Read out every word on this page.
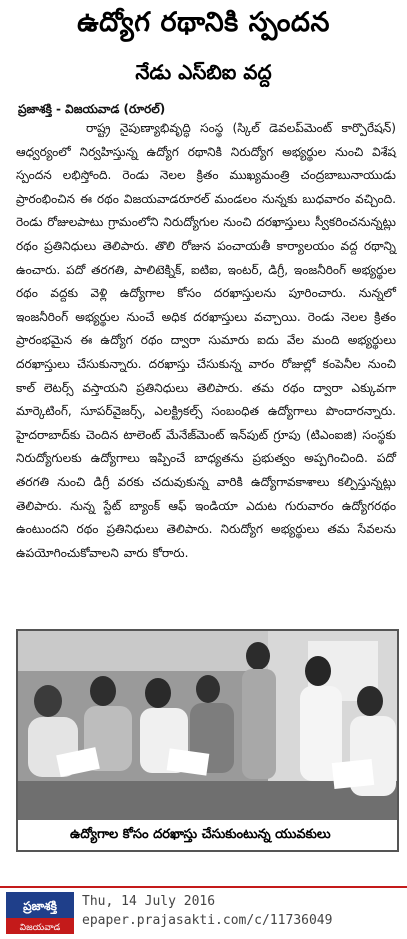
ఉద్యోగ రథానికి స్పందన
నేడు ఎస్‌బిఐ వద్ద
ప్రజాశక్తి - విజయవాడ (రూరల్)
రాష్ట్ర నైపుణ్యాభివృద్ధి సంస్థ (స్కిల్ డెవలప్‌మెంట్ కార్పొరేషన్) ఆధ్వర్యంలో నిర్వహిస్తున్న ఉద్యోగ రథానికి నిరుద్యోగ అభ్యర్థుల నుంచి విశేష స్పందన లభిస్తోంది. రెండు నెలల క్రితం ముఖ్యమంత్రి చంద్రబాబునాయుడు ప్రారంభించిన ఈ రథం విజయవాడరూరల్ మండలం నున్నకు బుధవారం వచ్చింది. రెండు రోజులపాటు గ్రామంలోని నిరుద్యోగుల నుంచి దరఖాస్తులు స్వీకరించనున్నట్లు రథం ప్రతినిధులు తెలిపారు. తొలి రోజున పంచాయతీ కార్యాలయం వద్ద రథాన్ని ఉంచారు. పదో తరగతి, పాలిటెక్నిక్, ఐటిఐ, ఇంటర్, డిగ్రీ, ఇంజనీరింగ్ అభ్యర్థుల రథం వద్దకు వెళ్లి ఉద్యోగాల కోసం దరఖాస్తులను పూరించారు. నున్నలో ఇంజనీరింగ్ అభ్యర్థుల నుంచే అధిక దరఖాస్తులు వచ్చాయి. రెండు నెలల క్రితం ప్రారంభమైన ఈ ఉద్యోగ రథం ద్వారా సుమారు ఐదు వేల మంది అభ్యర్థులు దరఖాస్తులు చేసుకున్నారు. దరఖాస్తు చేసుకున్న వారం రోజుల్లో కంపెనీల నుంచి కాల్ లెటర్స్ వస్తాయని ప్రతినిధులు తెలిపారు. తమ రథం ద్వారా ఎక్కువగా మార్కెటింగ్, సూపర్‌వైజర్స్, ఎలక్ట్రికల్స్ సంబంధిత ఉద్యోగాలు పొందారన్నారు. హైదరాబాద్‌కు చెందిన టాలెంట్ మేనేజ్‌మెంట్ ఇన్‌పుట్ గ్రూపు (టిఎంఐజి) సంస్థకు నిరుద్యోగులకు ఉద్యోగాలు ఇప్పించే బాధ్యతను ప్రభుత్వం అప్పగించింది. పదో తరగతి నుంచి డిగ్రీ వరకు చదువుకున్న వారికి ఉద్యోగావకాశాలు కల్పిస్తున్నట్లు తెలిపారు. నున్న స్టేట్ బ్యాంక్ ఆఫ్ ఇండియా ఎదుట గురువారం ఉద్యోగరథం ఉంటుందని రథం ప్రతినిధులు తెలిపారు. నిరుద్యోగ అభ్యర్థులు తమ సేవలను ఉపయోగించుకోవాలని వారు కోరారు.
ఉద్యోగాల కోసం దరఖాస్తు చేసుకుంటున్న యువకులు
ప్రజాశక్తి
విజయవాడ
Thu, 14 July 2016
epaper.prajasakti.com/c/11736049
